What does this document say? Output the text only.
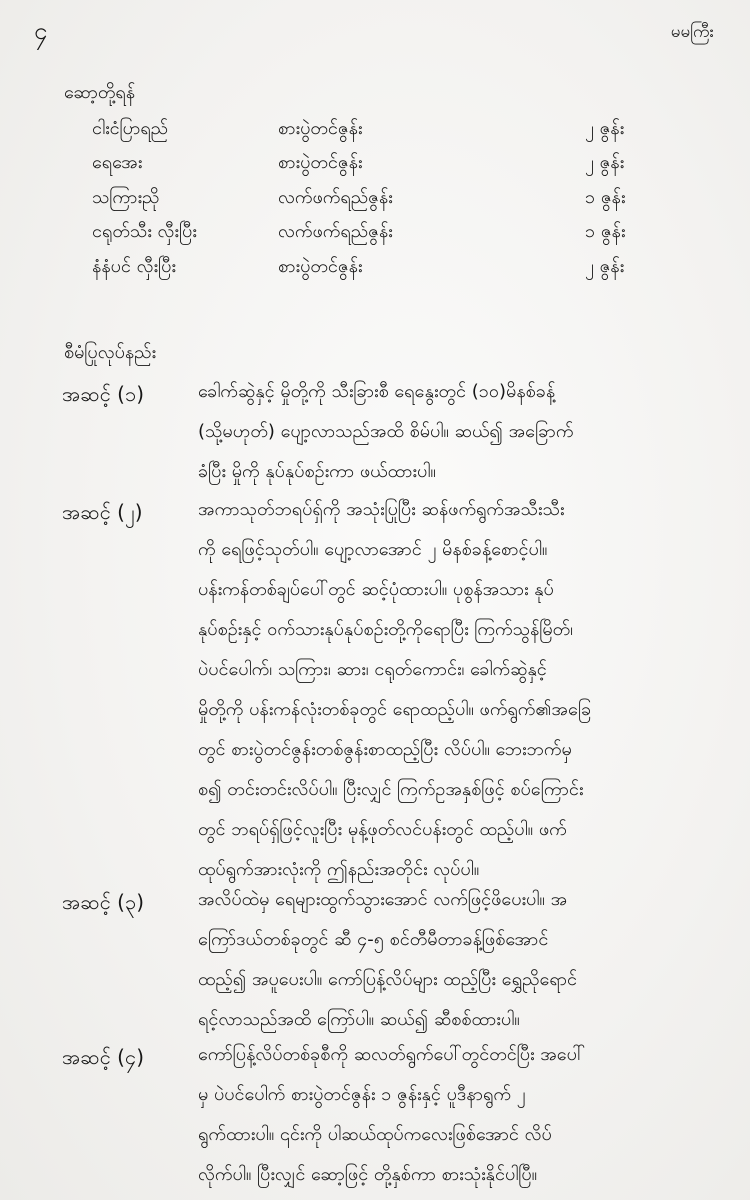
၄	မမကြီး
ဆော့တို့ရန်
ငါးငံပြာရည်	စားပွဲတင်ဇွန်း	၂ ဇွန်း
ရေအေး	စားပွဲတင်ဇွန်း	၂ ဇွန်း
သကြားညို	လက်ဖက်ရည်ဇွန်း	၁ ဇွန်း
ငရုတ်သီး လှီးပြီး	လက်ဖက်ရည်ဇွန်း	၁ ဇွန်း
နံနံပင် လှီးပြီး	စားပွဲတင်ဇွန်း	၂ ဇွန်း
စီမံပြုလုပ်နည်း
အဆင့် (၁)	ခေါက်ဆွဲနှင့် မှိုတို့ကို သီးခြားစီ ရေနွေးတွင် (၁၀)မိနစ်ခန့်
(သို့မဟုတ်) ပျော့လာသည်အထိ စိမ်ပါ။ ဆယ်၍ အခြောက်
ခံပြီး မှိုကို နုပ်နုပ်စဉ်းကာ ဖယ်ထားပါ။
အဆင့် (၂)	အကာသုတ်ဘရပ်ရှ်ကို အသုံးပြုပြီး ဆန်ဖက်ရွက်အသီးသီး
ကို ရေဖြင့်သုတ်ပါ။ ပျော့လာအောင် ၂ မိနစ်ခန့်စောင့်ပါ။
ပန်းကန်တစ်ချပ်ပေါ်တွင် ဆင့်ပုံထားပါ။ ပုစွန်အသား နုပ်
နုပ်စဉ်းနှင့် ဝက်သားနုပ်နုပ်စဉ်းတို့ကိုရောပြီး ကြက်သွန်မြိတ်၊
ပဲပင်ပေါက်၊ သကြား၊ ဆား၊ ငရုတ်ကောင်း၊ ခေါက်ဆွဲနှင့်
မှိုတို့ကို ပန်းကန်လုံးတစ်ခုတွင် ရောထည့်ပါ။ ဖက်ရွက်၏အခြေ
တွင် စားပွဲတင်ဇွန်းတစ်ဇွန်းစာထည့်ပြီး လိပ်ပါ။ ဘေးဘက်မှ
စ၍ တင်းတင်းလိပ်ပါ။ ပြီးလျှင် ကြက်ဥအနှစ်ဖြင့် စပ်ကြောင်း
တွင် ဘရပ်ရှ်ဖြင့်လူးပြီး မုန့်ဖုတ်လင်ပန်းတွင် ထည့်ပါ။ ဖက်
ထုပ်ရွက်အားလုံးကို ဤနည်းအတိုင်း လုပ်ပါ။
အဆင့် (၃)	အလိပ်ထဲမှ ရေများထွက်သွားအောင် လက်ဖြင့်ဖိပေးပါ။ အ
ကြော်ဒယ်တစ်ခုတွင် ဆီ ၄-၅ စင်တီမီတာခန့်ဖြစ်အောင်
ထည့်၍ အပူပေးပါ။ ကော်ပြန့်လိပ်များ ထည့်ပြီး ရွှေညိုရောင်
ရင့်လာသည်အထိ ကြော်ပါ။ ဆယ်၍ ဆီစစ်ထားပါ။
အဆင့် (၄)	ကော်ပြန့်လိပ်တစ်ခုစီကို ဆလတ်ရွက်ပေါ်တွင်တင်ပြီး အပေါ်
မှ ပဲပင်ပေါက် စားပွဲတင်ဇွန်း ၁ ဇွန်းနှင့် ပူဒီနာရွက် ၂
ရွက်ထားပါ။ ၎င်းကို ပါဆယ်ထုပ်ကလေးဖြစ်အောင် လိပ်
လိုက်ပါ။ ပြီးလျှင် ဆော့ဖြင့် တို့နှစ်ကာ စားသုံးနိုင်ပါပြီ။
